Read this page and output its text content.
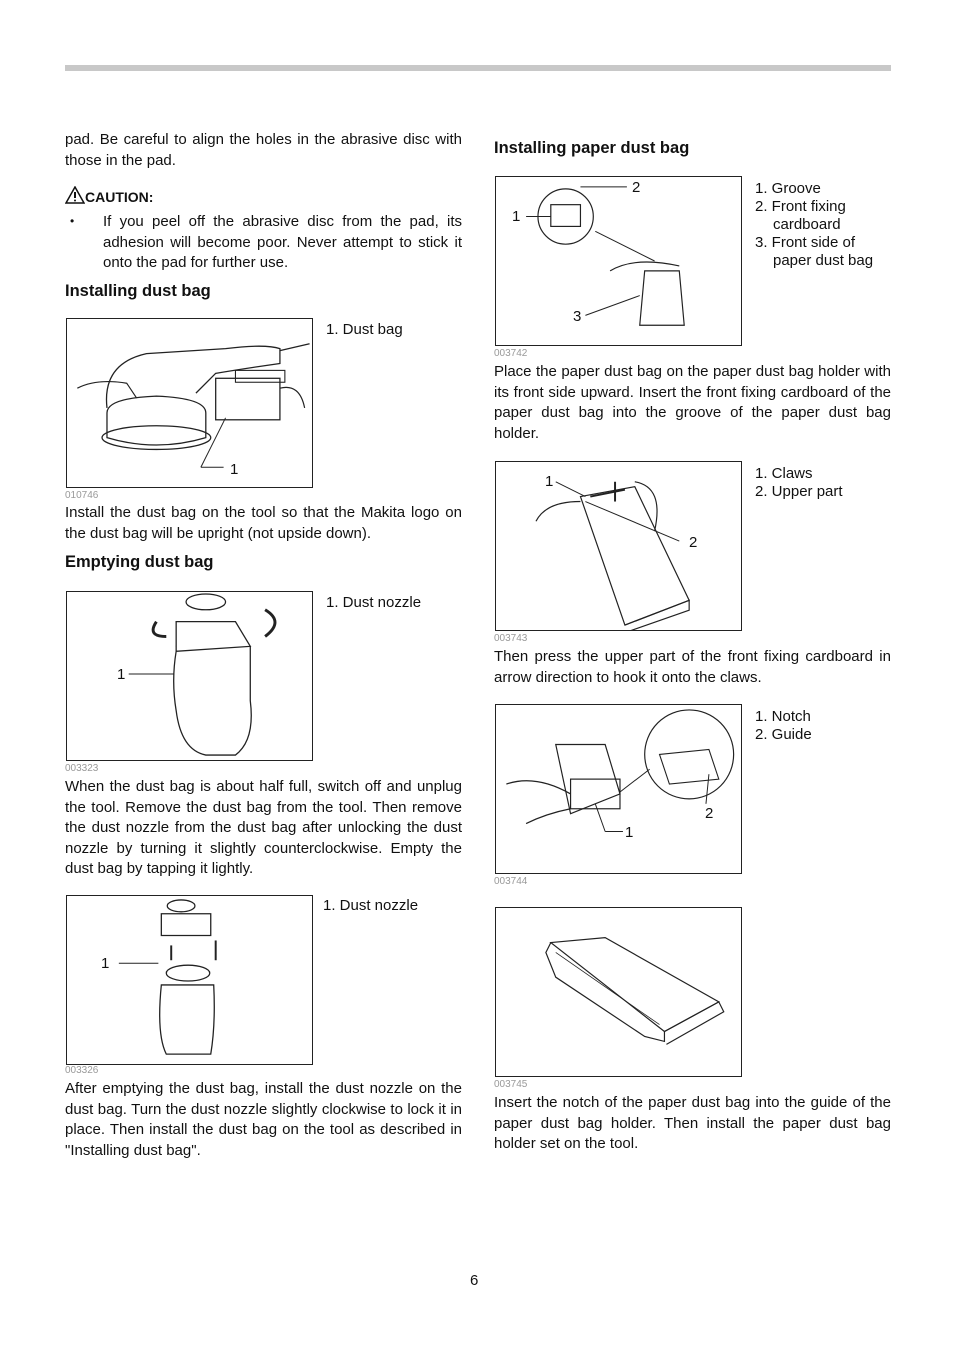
pad. Be careful to align the holes in the abrasive disc with those in the pad.

CAUTION:
• If you peel off the abrasive disc from the pad, its adhesion will become poor. Never attempt to stick it onto the pad for further use.

Installing dust bag
1
1. Dust bag
010746

Install the dust bag on the tool so that the Makita logo on the dust bag will be upright (not upside down).

Emptying dust bag
1
1. Dust nozzle
003323

When the dust bag is about half full, switch off and unplug the tool. Remove the dust bag from the tool. Then remove the dust nozzle from the dust bag after unlocking the dust nozzle by turning it slightly counterclockwise. Empty the dust bag by tapping it lightly.

1
1. Dust nozzle
003326

After emptying the dust bag, install the dust nozzle on the dust bag. Turn the dust nozzle slightly clockwise to lock it in place. Then install the dust bag on the tool as described in "Installing dust bag".

Installing paper dust bag
1
2
3
1. Groove
2. Front fixing
cardboard
3. Front side of
paper dust bag
003742

Place the paper dust bag on the paper dust bag holder with its front side upward. Insert the front fixing cardboard of the paper dust bag into the groove of the paper dust bag holder.

1
2
1. Claws
2. Upper part
003743

Then press the upper part of the front fixing cardboard in arrow direction to hook it onto the claws.

1
2
1. Notch
2. Guide
003744
003745

Insert the notch of the paper dust bag into the guide of the paper dust bag holder. Then install the paper dust bag holder set on the tool.

6
